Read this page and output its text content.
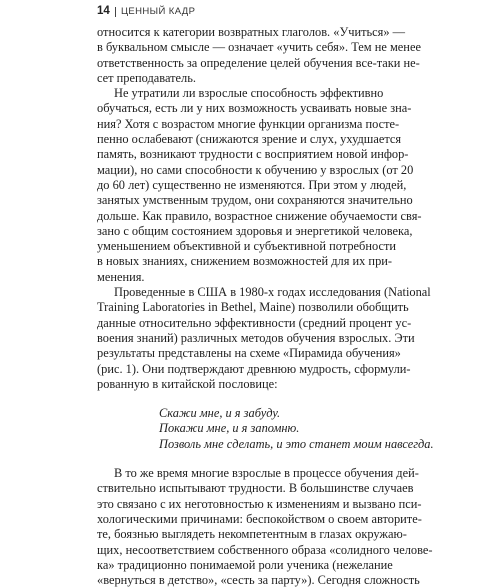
14 ЦЕННЫЙ КАДР
относится к категории возвратных глаголов. «Учиться» —
в буквальном смысле — означает «учить себя». Тем не менее
ответственность за определение целей обучения все-таки не-
сет преподаватель.
Не утратили ли взрослые способность эффективно
обучаться, есть ли у них возможность усваивать новые зна-
ния? Хотя с возрастом многие функции организма посте-
пенно ослабевают (снижаются зрение и слух, ухудшается
память, возникают трудности с восприятием новой инфор-
мации), но сами способности к обучению у взрослых (от 20
до 60 лет) существенно не изменяются. При этом у людей,
занятых умственным трудом, они сохраняются значительно
дольше. Как правило, возрастное снижение обучаемости свя-
зано с общим состоянием здоровья и энергетикой человека,
уменьшением объективной и субъективной потребности
в новых знаниях, снижением возможностей для их при-
менения.
Проведенные в США в 1980-х годах исследования (National
Training Laboratories in Bethel, Maine) позволили обобщить
данные относительно эффективности (средний процент ус-
воения знаний) различных методов обучения взрослых. Эти
результаты представлены на схеме «Пирамида обучения»
(рис. 1). Они подтверждают древнюю мудрость, сформули-
рованную в китайской пословице:
Скажи мне, и я забуду.
Покажи мне, и я запомню.
Позволь мне сделать, и это станет моим навсегда.
В то же время многие взрослые в процессе обучения дей-
ствительно испытывают трудности. В большинстве случаев
это связано с их неготовностью к изменениям и вызвано пси-
хологическими причинами: беспокойством о своем авторите-
те, боязнью выглядеть некомпетентным в глазах окружаю-
щих, несоответствием собственного образа «солидного челове-
ка» традиционно понимаемой роли ученика (нежелание
«вернуться в детство», «сесть за парту»). Сегодня сложность
